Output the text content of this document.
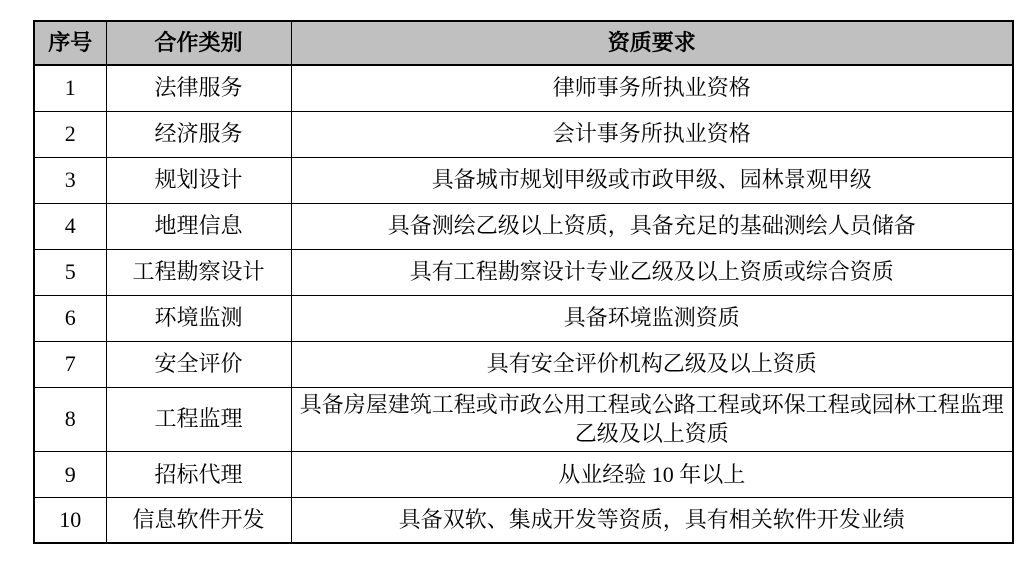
序号	合作类别	资质要求
1	法律服务	律师事务所执业资格
2	经济服务	会计事务所执业资格
3	规划设计	具备城市规划甲级或市政甲级、园林景观甲级
4	地理信息	具备测绘乙级以上资质，具备充足的基础测绘人员储备
5	工程勘察设计	具有工程勘察设计专业乙级及以上资质或综合资质
6	环境监测	具备环境监测资质
7	安全评价	具有安全评价机构乙级及以上资质
8	工程监理	具备房屋建筑工程或市政公用工程或公路工程或环保工程或园林工程监理乙级及以上资质
9	招标代理	从业经验 10 年以上
10	信息软件开发	具备双软、集成开发等资质，具有相关软件开发业绩
